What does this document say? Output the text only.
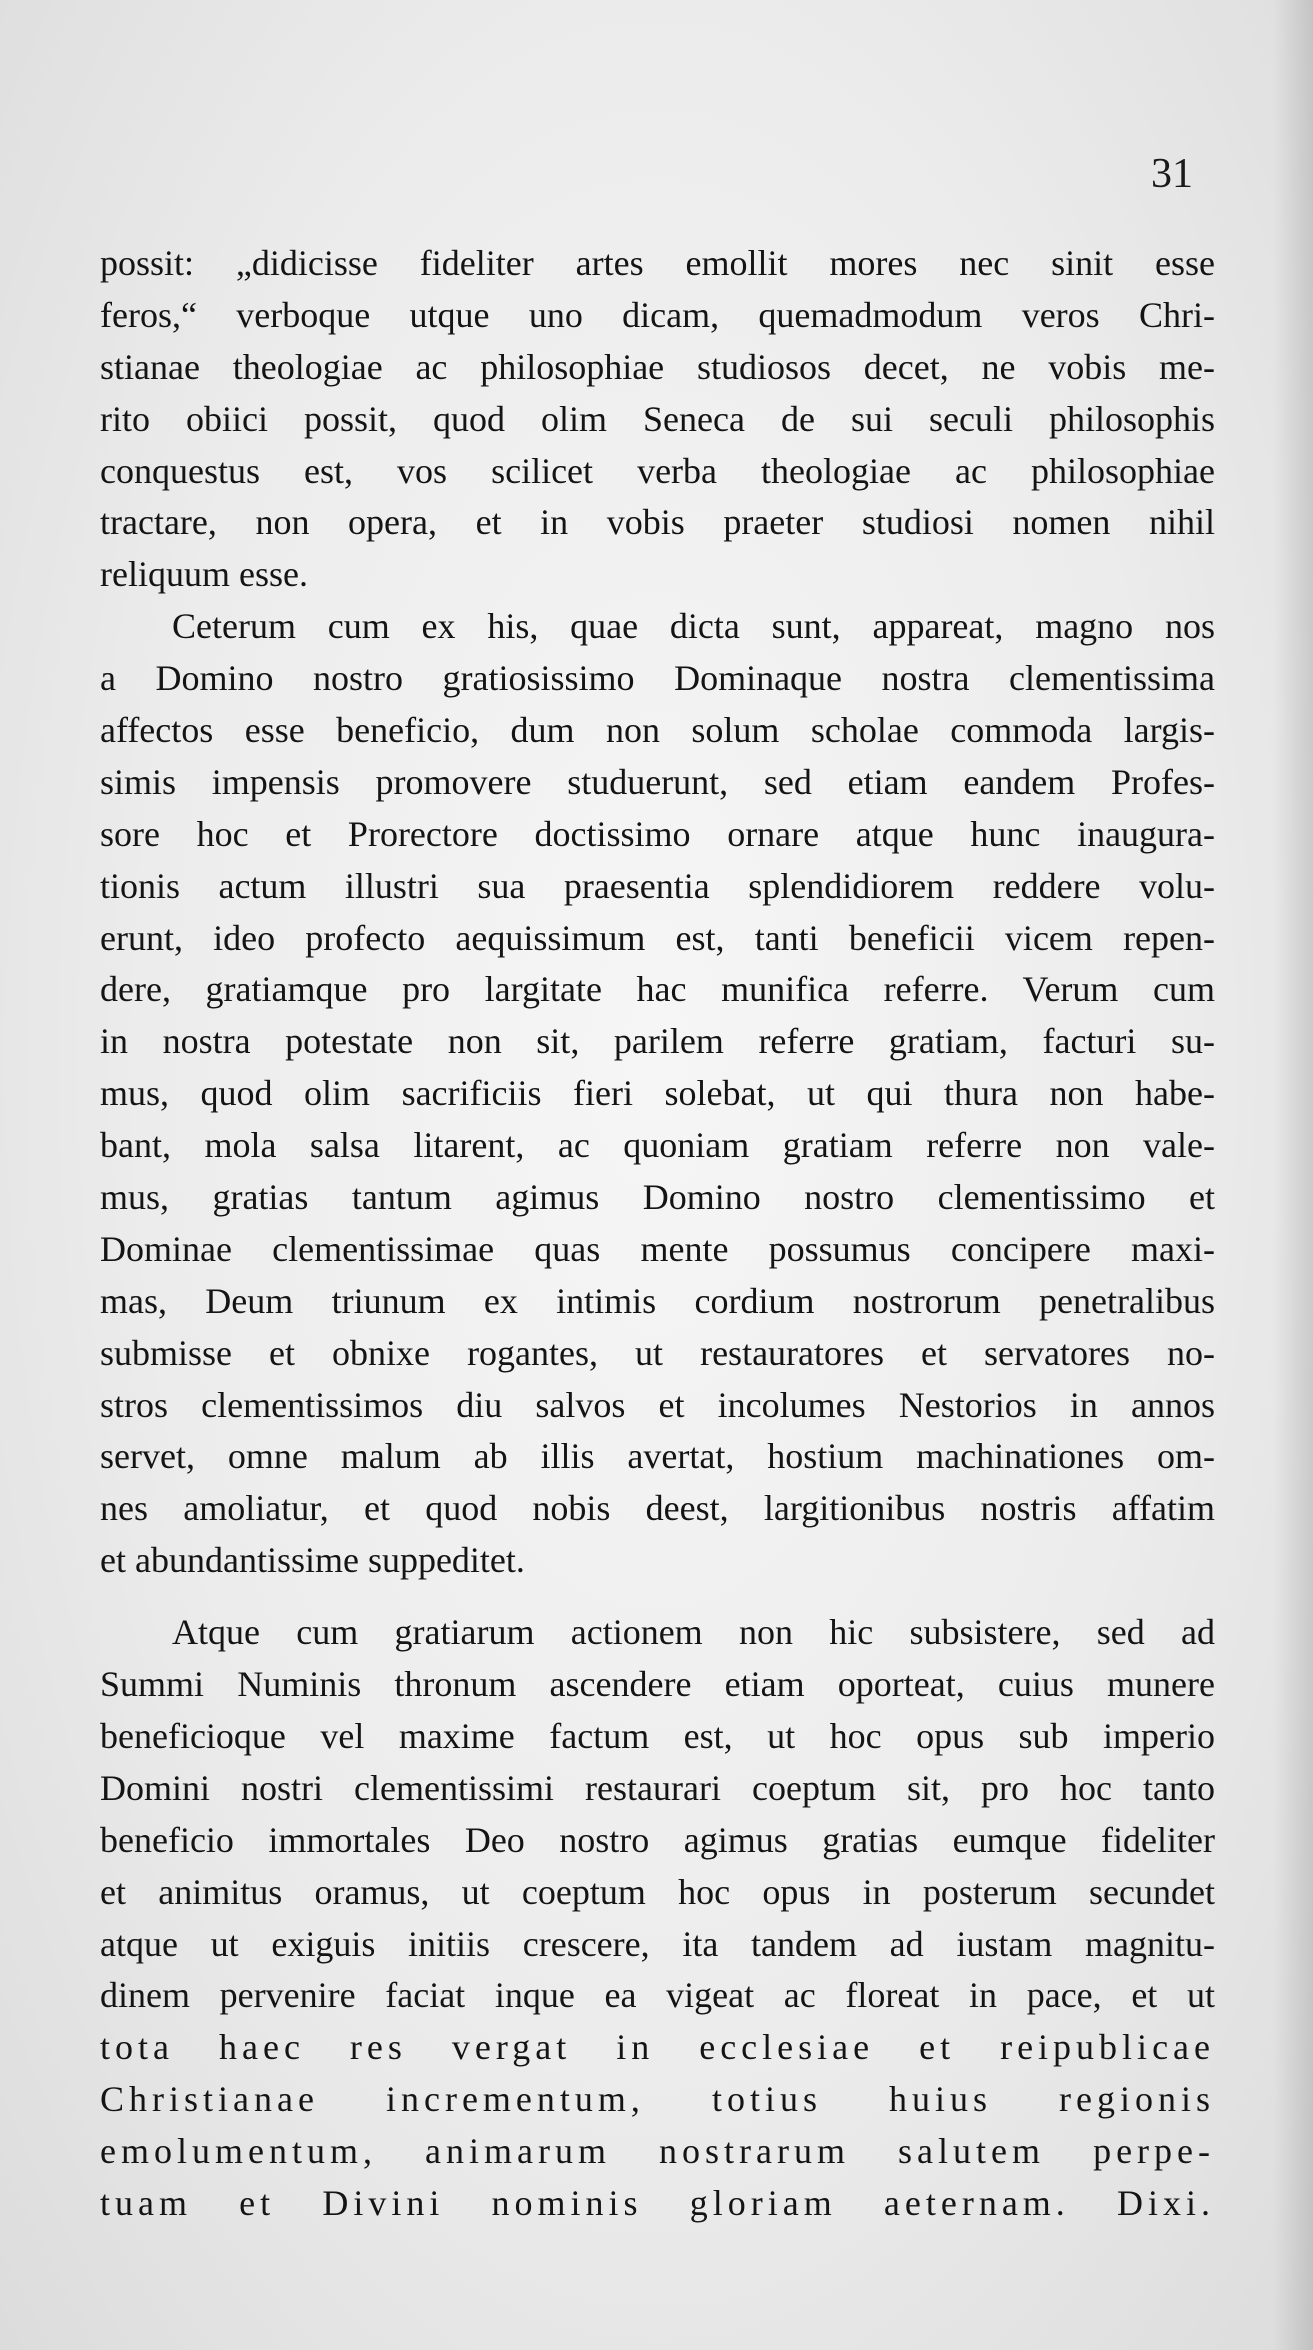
31

possit: „didicisse fideliter artes emollit mores nec sinit esse
feros,“ verboque utque uno dicam, quemadmodum veros Chri-
stianae theologiae ac philosophiae studiosos decet, ne vobis me-
rito obiici possit, quod olim Seneca de sui seculi philosophis
conquestus est, vos scilicet verba theologiae ac philosophiae
tractare, non opera, et in vobis praeter studiosi nomen nihil
reliquum esse.
Ceterum cum ex his, quae dicta sunt, appareat, magno nos
a Domino nostro gratiosissimo Dominaque nostra clementissima
affectos esse beneficio, dum non solum scholae commoda largis-
simis impensis promovere studuerunt, sed etiam eandem Profes-
sore hoc et Prorectore doctissimo ornare atque hunc inaugura-
tionis actum illustri sua praesentia splendidiorem reddere volu-
erunt, ideo profecto aequissimum est, tanti beneficii vicem repen-
dere, gratiamque pro largitate hac munifica referre. Verum cum
in nostra potestate non sit, parilem referre gratiam, facturi su-
mus, quod olim sacrificiis fieri solebat, ut qui thura non habe-
bant, mola salsa litarent, ac quoniam gratiam referre non vale-
mus, gratias tantum agimus Domino nostro clementissimo et
Dominae clementissimae quas mente possumus concipere maxi-
mas, Deum triunum ex intimis cordium nostrorum penetralibus
submisse et obnixe rogantes, ut restauratores et servatores no-
stros clementissimos diu salvos et incolumes Nestorios in annos
servet, omne malum ab illis avertat, hostium machinationes om-
nes amoliatur, et quod nobis deest, largitionibus nostris affatim
et abundantissime suppeditet.
Atque cum gratiarum actionem non hic subsistere, sed ad
Summi Numinis thronum ascendere etiam oporteat, cuius munere
beneficioque vel maxime factum est, ut hoc opus sub imperio
Domini nostri clementissimi restaurari coeptum sit, pro hoc tanto
beneficio immortales Deo nostro agimus gratias eumque fideliter
et animitus oramus, ut coeptum hoc opus in posterum secundet
atque ut exiguis initiis crescere, ita tandem ad iustam magnitu-
dinem pervenire faciat inque ea vigeat ac floreat in pace, et ut
tota haec res vergat in ecclesiae et reipublicae
Christianae incrementum, totius huius regionis
emolumentum, animarum nostrarum salutem perpe-
tuam et Divini nominis gloriam aeternam. Dixi.
